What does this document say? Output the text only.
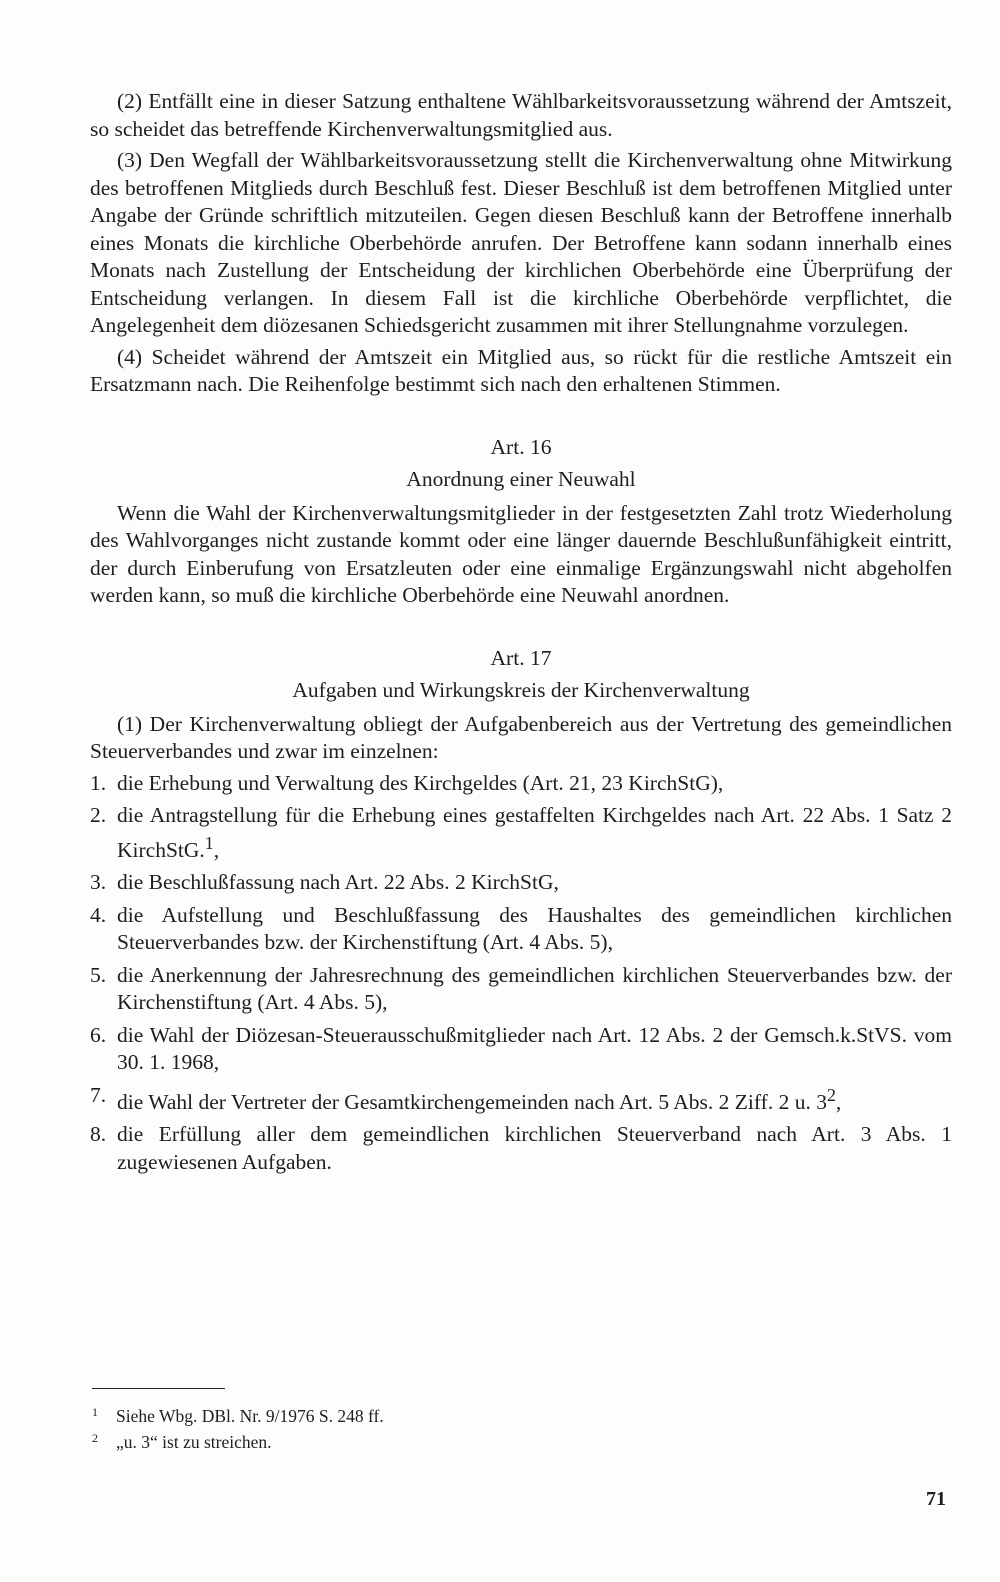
(2) Entfällt eine in dieser Satzung enthaltene Wählbarkeitsvoraussetzung während der Amtszeit, so scheidet das betreffende Kirchenverwaltungsmitglied aus.

(3) Den Wegfall der Wählbarkeitsvoraussetzung stellt die Kirchenverwaltung ohne Mitwirkung des betroffenen Mitglieds durch Beschluß fest. Dieser Beschluß ist dem betroffenen Mitglied unter Angabe der Gründe schriftlich mitzuteilen. Gegen diesen Beschluß kann der Betroffene innerhalb eines Monats die kirchliche Oberbehörde anrufen. Der Betroffene kann sodann innerhalb eines Monats nach Zustellung der Entscheidung der kirchlichen Oberbehörde eine Überprüfung der Entscheidung verlangen. In diesem Fall ist die kirchliche Oberbehörde verpflichtet, die Angelegenheit dem diözesanen Schiedsgericht zusammen mit ihrer Stellungnahme vorzulegen.

(4) Scheidet während der Amtszeit ein Mitglied aus, so rückt für die restliche Amtszeit ein Ersatzmann nach. Die Reihenfolge bestimmt sich nach den erhaltenen Stimmen.

Art. 16
Anordnung einer Neuwahl

Wenn die Wahl der Kirchenverwaltungsmitglieder in der festgesetzten Zahl trotz Wiederholung des Wahlvorganges nicht zustande kommt oder eine länger dauernde Beschlußunfähigkeit eintritt, der durch Einberufung von Ersatzleuten oder eine einmalige Ergänzungswahl nicht abgeholfen werden kann, so muß die kirchliche Oberbehörde eine Neuwahl anordnen.

Art. 17
Aufgaben und Wirkungskreis der Kirchenverwaltung

(1) Der Kirchenverwaltung obliegt der Aufgabenbereich aus der Vertretung des gemeindlichen Steuerverbandes und zwar im einzelnen:

1. die Erhebung und Verwaltung des Kirchgeldes (Art. 21, 23 KirchStG),
2. die Antragstellung für die Erhebung eines gestaffelten Kirchgeldes nach Art. 22 Abs. 1 Satz 2 KirchStG.$^1$,
3. die Beschlußfassung nach Art. 22 Abs. 2 KirchStG,
4. die Aufstellung und Beschlußfassung des Haushaltes des gemeindlichen kirchlichen Steuerverbandes bzw. der Kirchenstiftung (Art. 4 Abs. 5),
5. die Anerkennung der Jahresrechnung des gemeindlichen kirchlichen Steuerverbandes bzw. der Kirchenstiftung (Art. 4 Abs. 5),
6. die Wahl der Diözesan-Steuerausschußmitglieder nach Art. 12 Abs. 2 der Gemsch.k.StVS. vom 30. 1. 1968,
7. die Wahl der Vertreter der Gesamtkirchengemeinden nach Art. 5 Abs. 2 Ziff. 2 u. $3^2$,
8. die Erfüllung aller dem gemeindlichen kirchlichen Steuerverband nach Art. 3 Abs. 1 zugewiesenen Aufgaben.
1	Siehe Wbg. DBl. Nr. 9/1976 S. 248 ff.
2	„u. 3“ ist zu streichen.
71
